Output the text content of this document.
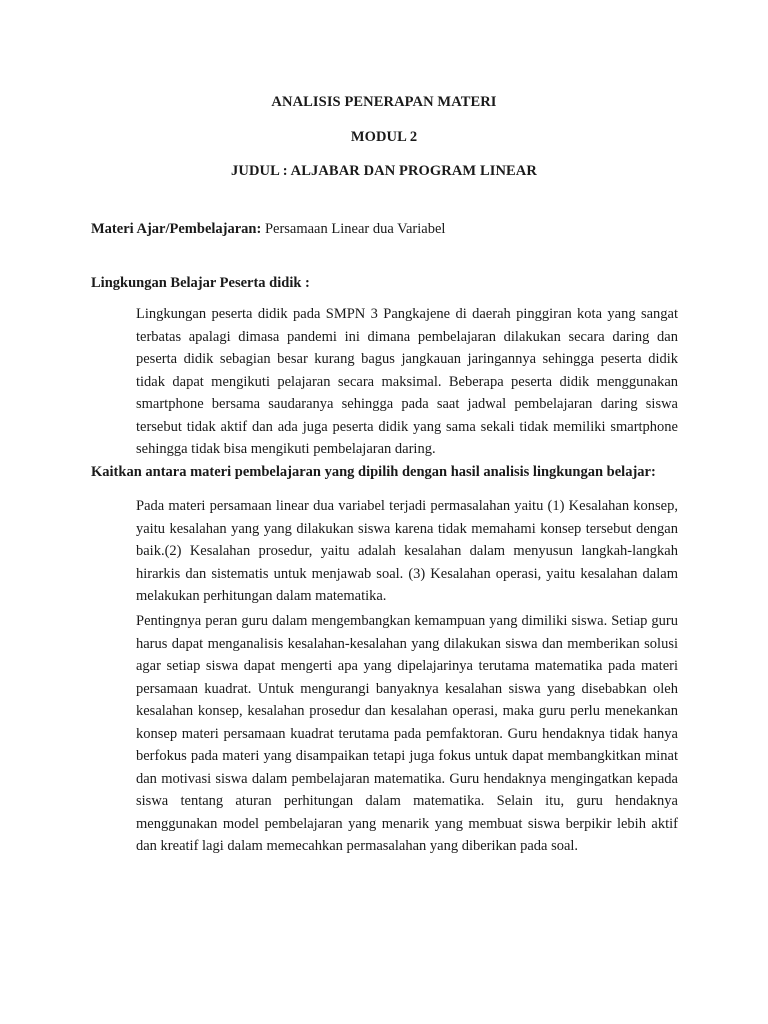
ANALISIS PENERAPAN MATERI
MODUL 2
JUDUL : ALJABAR DAN PROGRAM LINEAR
Materi Ajar/Pembelajaran: Persamaan Linear dua Variabel
Lingkungan Belajar Peserta didik :

Lingkungan peserta didik pada SMPN 3 Pangkajene di daerah pinggiran kota yang sangat terbatas apalagi dimasa pandemi ini dimana pembelajaran dilakukan secara daring dan peserta didik sebagian besar kurang bagus jangkauan jaringannya sehingga peserta didik tidak dapat mengikuti pelajaran secara maksimal. Beberapa peserta didik menggunakan smartphone bersama saudaranya sehingga pada saat jadwal pembelajaran daring siswa tersebut tidak aktif dan ada juga peserta didik yang sama sekali tidak memiliki smartphone sehingga tidak bisa mengikuti pembelajaran daring.

Kaitkan antara materi pembelajaran yang dipilih dengan hasil analisis lingkungan belajar:

Pada materi persamaan linear dua variabel terjadi permasalahan yaitu (1) Kesalahan konsep, yaitu kesalahan yang yang dilakukan siswa karena tidak memahami konsep tersebut dengan baik.(2) Kesalahan prosedur, yaitu adalah kesalahan dalam menyusun langkah-langkah hirarkis dan sistematis untuk menjawab soal. (3) Kesalahan operasi, yaitu kesalahan dalam melakukan perhitungan dalam matematika.

Pentingnya peran guru dalam mengembangkan kemampuan yang dimiliki siswa. Setiap guru harus dapat menganalisis kesalahan-kesalahan yang dilakukan siswa dan memberikan solusi agar setiap siswa dapat mengerti apa yang dipelajarinya terutama matematika pada materi persamaan kuadrat. Untuk mengurangi banyaknya kesalahan siswa yang disebabkan oleh kesalahan konsep, kesalahan prosedur dan kesalahan operasi, maka guru perlu menekankan konsep materi persamaan kuadrat terutama pada pemfaktoran. Guru hendaknya tidak hanya berfokus pada materi yang disampaikan tetapi juga fokus untuk dapat membangkitkan minat dan motivasi siswa dalam pembelajaran matematika. Guru hendaknya mengingatkan kepada siswa tentang aturan perhitungan dalam matematika. Selain itu, guru hendaknya menggunakan model pembelajaran yang menarik yang membuat siswa berpikir lebih aktif dan kreatif lagi dalam memecahkan permasalahan yang diberikan pada soal.
